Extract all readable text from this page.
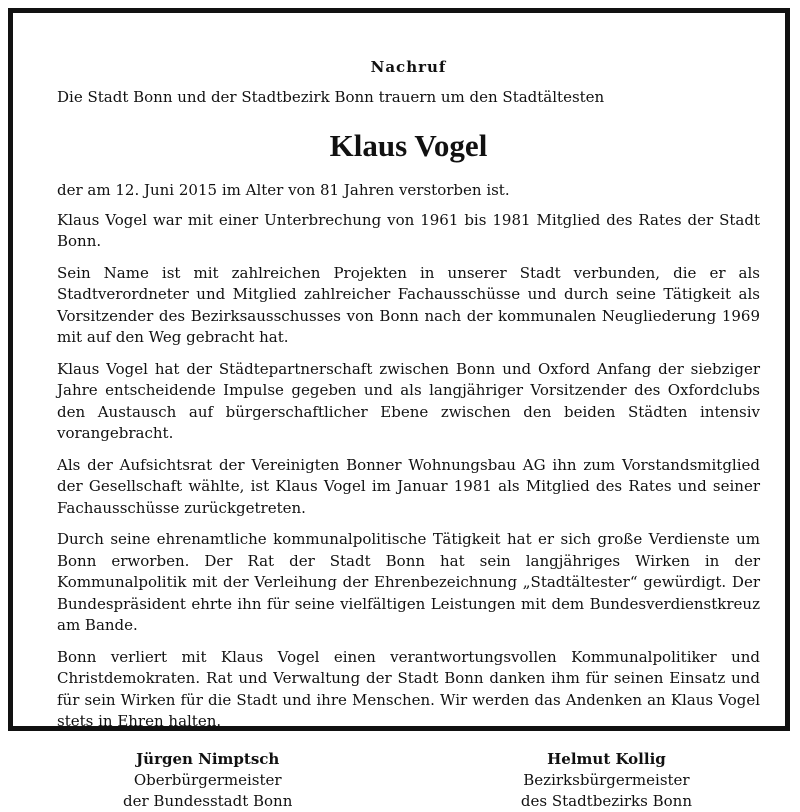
Nachruf

Die Stadt Bonn und der Stadtbezirk Bonn trauern um den Stadtältesten

Klaus Vogel

der am 12. Juni 2015 im Alter von 81 Jahren verstorben ist.

Klaus Vogel war mit einer Unterbrechung von 1961 bis 1981 Mitglied des Rates der Stadt Bonn.

Sein Name ist mit zahlreichen Projekten in unserer Stadt verbunden, die er als Stadtverordneter und Mitglied zahlreicher Fachausschüsse und durch seine Tätigkeit als Vorsitzender des Bezirksausschusses von Bonn nach der kommunalen Neugliederung 1969 mit auf den Weg gebracht hat.

Klaus Vogel hat der Städtepartnerschaft zwischen Bonn und Oxford Anfang der siebziger Jahre entscheidende Impulse gegeben und als langjähriger Vorsitzender des Oxfordclubs den Austausch auf bürgerschaftlicher Ebene zwischen den beiden Städten intensiv vorangebracht.

Als der Aufsichtsrat der Vereinigten Bonner Wohnungsbau AG ihn zum Vorstandsmitglied der Gesellschaft wählte, ist Klaus Vogel im Januar 1981 als Mitglied des Rates und seiner Fachausschüsse zurückgetreten.

Durch seine ehrenamtliche kommunalpolitische Tätigkeit hat er sich große Verdienste um Bonn erworben. Der Rat der Stadt Bonn hat sein langjähriges Wirken in der Kommunalpolitik mit der Verleihung der Ehrenbezeichnung „Stadtältester“ gewürdigt. Der Bundespräsident ehrte ihn für seine vielfältigen Leistungen mit dem Bundesverdienstkreuz am Bande.

Bonn verliert mit Klaus Vogel einen verantwortungsvollen Kommunalpolitiker und Christdemokraten. Rat und Verwaltung der Stadt Bonn danken ihm für seinen Einsatz und für sein Wirken für die Stadt und ihre Menschen. Wir werden das Andenken an Klaus Vogel stets in Ehren halten.

Jürgen Nimptsch
Oberbürgermeister
der Bundesstadt Bonn
Helmut Kollig
Bezirksbürgermeister
des Stadtbezirks Bonn
